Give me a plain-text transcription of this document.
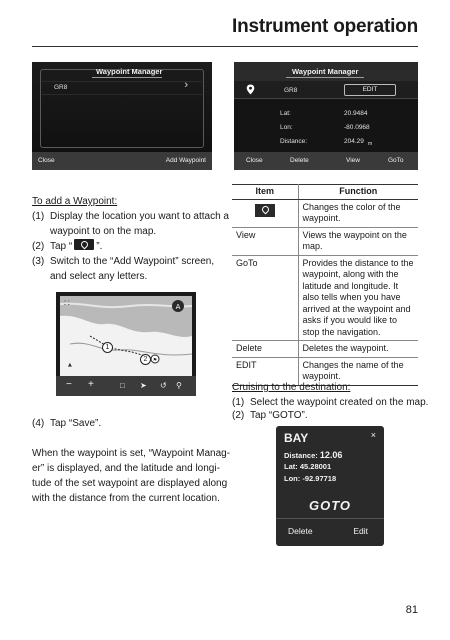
Instrument operation
Waypoint Manager
GR8	›
Close	Add Waypoint
Waypoint Manager
GR8	EDIT
Lat:	20.9484
Lon:	-80.0968
Distance:	204.29 m
Close	Delete	View	GoTo
To add a Waypoint:
(1) Display the location you want to attach a
waypoint to on the map.
(2) Tap “ ”.
(3) Switch to the “Add Waypoint” screen,
and select any letters.
A
⚑
▲
1
2
∷
− +	□ ➤ ↺ ⚲
(4) Tap “Save”.
When the waypoint is set, “Waypoint Manag-
er” is displayed, and the latitude and longi-
tude of the set waypoint are displayed along
with the distance from the current location.
Item	Function

	Changes the color of the waypoint.
View	Views the waypoint on the map.
GoTo	Provides the distance to the waypoint, along with the latitude and longitude. It also tells when you have arrived at the waypoint and asks if you would like to stop the navigation.
Delete	Deletes the waypoint.
EDIT	Changes the name of the waypoint.
Cruising to the destination:
(1) Select the waypoint created on the map.
(2) Tap “GOTO”.
BAY	×
Distance: 12.06
Lat: 45.28001
Lon: -92.97718
GOTO
Delete	Edit
81
